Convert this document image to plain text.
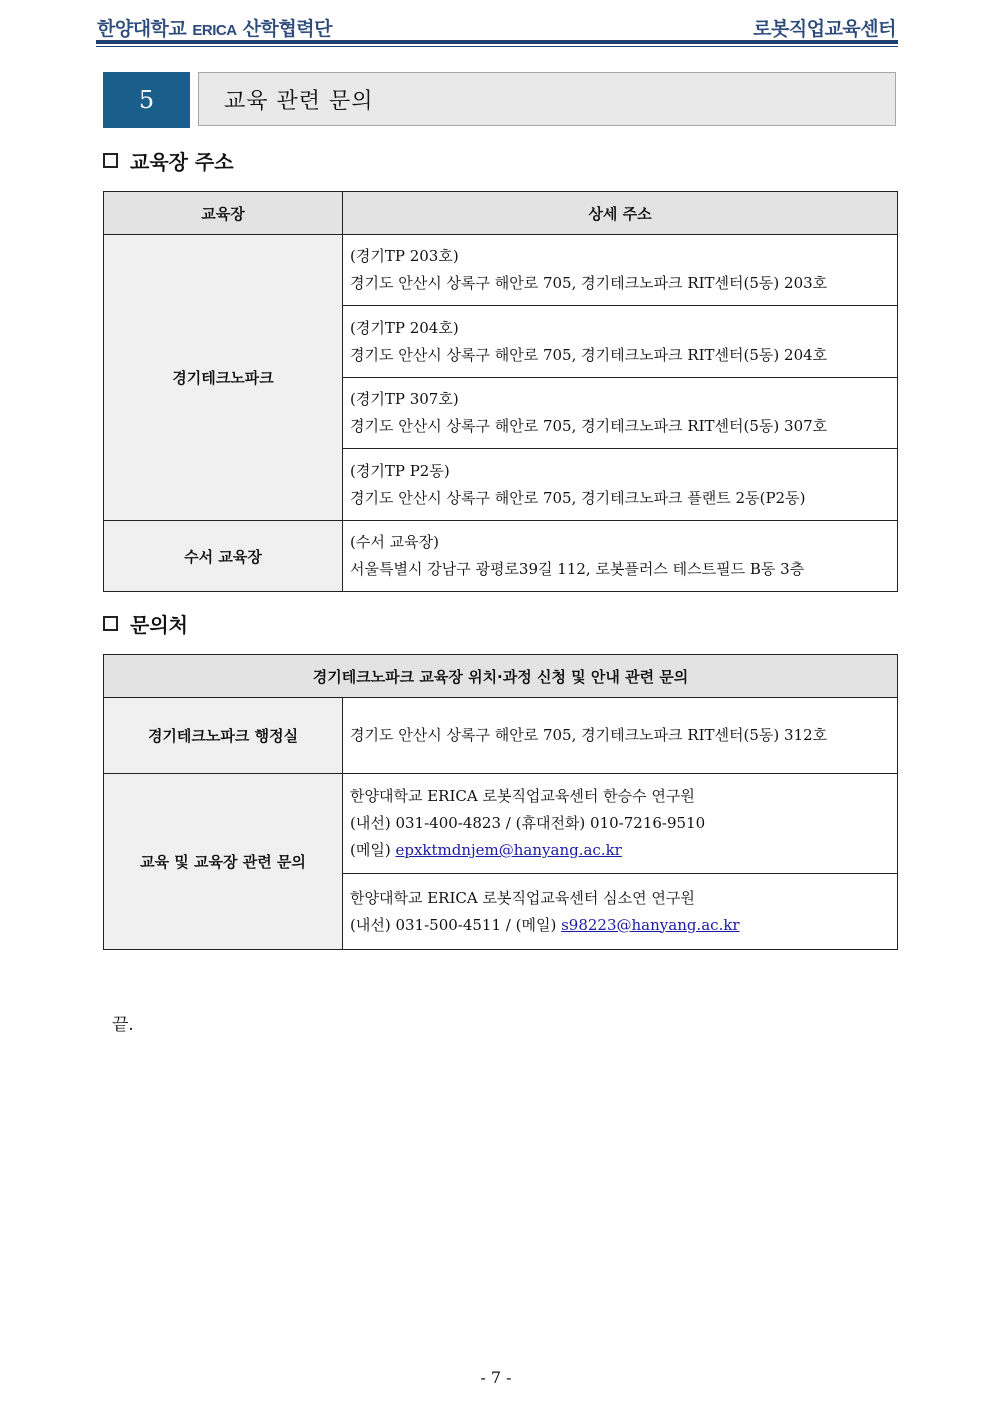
한양대학교 ERICA 산학협력단	로봇직업교육센터
5	교육 관련 문의
교육장 주소
교육장	상세 주소
경기테크노파크	(경기TP 203호)
경기도 안산시 상록구 해안로 705, 경기테크노파크 RIT센터(5동) 203호

	(경기TP 204호)
경기도 안산시 상록구 해안로 705, 경기테크노파크 RIT센터(5동) 204호

	(경기TP 307호)
경기도 안산시 상록구 해안로 705, 경기테크노파크 RIT센터(5동) 307호

	(경기TP P2동)
경기도 안산시 상록구 해안로 705, 경기테크노파크 플랜트 2동(P2동)

수서 교육장	(수서 교육장)
서울특별시 강남구 광평로39길 112, 로봇플러스 테스트필드 B동 3층
문의처
경기테크노파크 교육장 위치·과정 신청 및 안내 관련 문의	
경기테크노파크 행정실	경기도 안산시 상록구 해안로 705, 경기테크노파크 RIT센터(5동) 312호
교육 및 교육장 관련 문의	한양대학교 ERICA 로봇직업교육센터 한승수 연구원
(내선) 031-400-4823 / (휴대전화) 010-7216-9510
(메일) epxktmdnjem@hanyang.ac.kr

	한양대학교 ERICA 로봇직업교육센터 심소연 연구원
(내선) 031-500-4511 / (메일) s98223@hanyang.ac.kr
끝.
- 7 -
